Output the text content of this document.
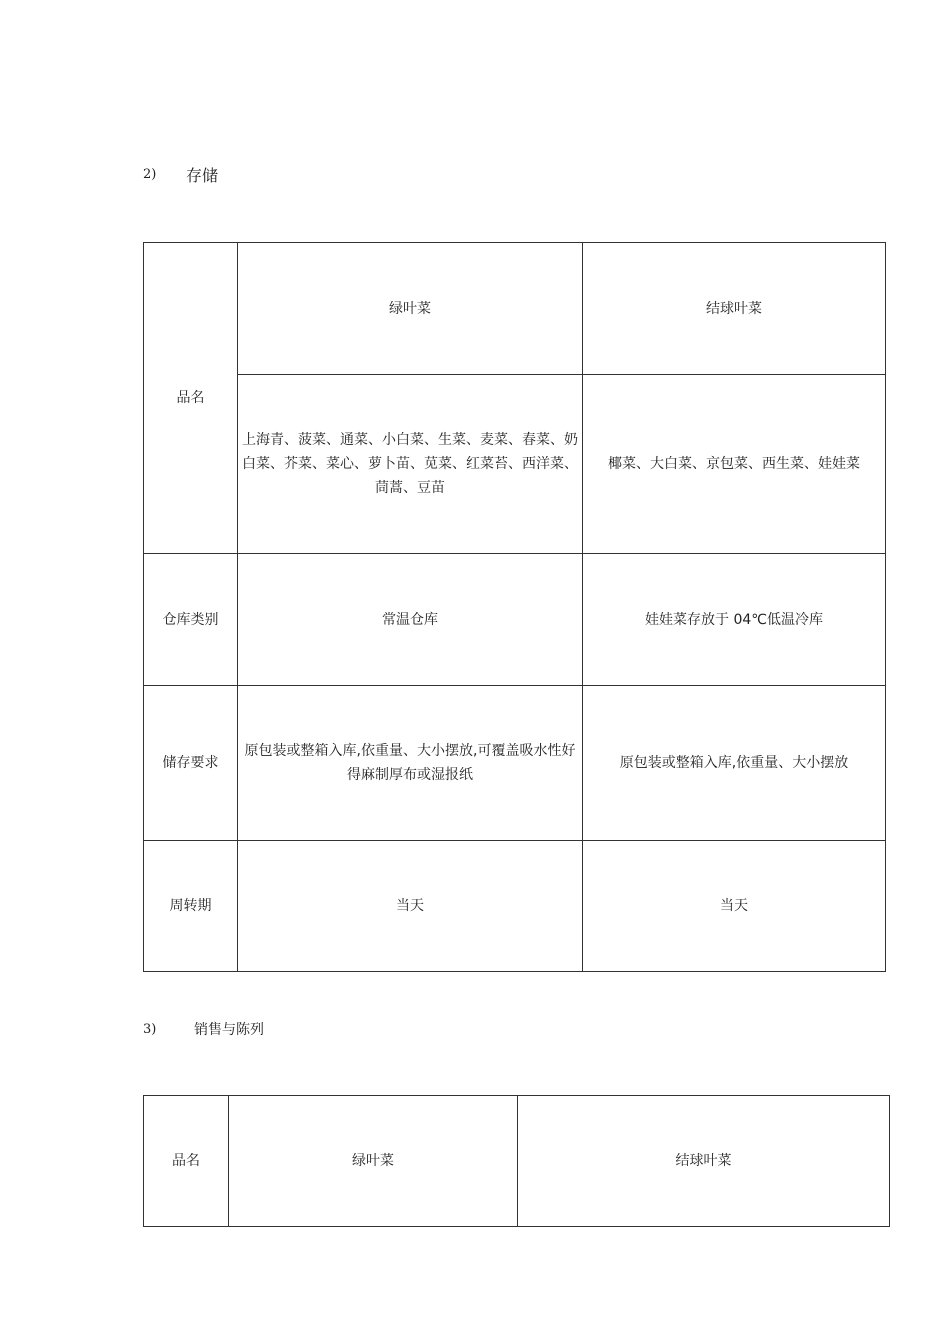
2)	存储
品名	绿叶菜	结球叶菜

	上海青、菠菜、通菜、小白菜、生菜、麦菜、春菜、奶
白菜、芥菜、菜心、萝卜苗、苋菜、红菜苔、西洋菜、
茼蒿、豆苗	椰菜、大白菜、京包菜、西生菜、娃娃菜
仓库类别	常温仓库	娃娃菜存放于 04℃低温冷库
储存要求	原包装或整箱入库,依重量、大小摆放,可覆盖吸水性好
得麻制厚布或湿报纸	原包装或整箱入库,依重量、大小摆放
周转期	当天	当天
3)	销售与陈列
品名	绿叶菜	结球叶菜
